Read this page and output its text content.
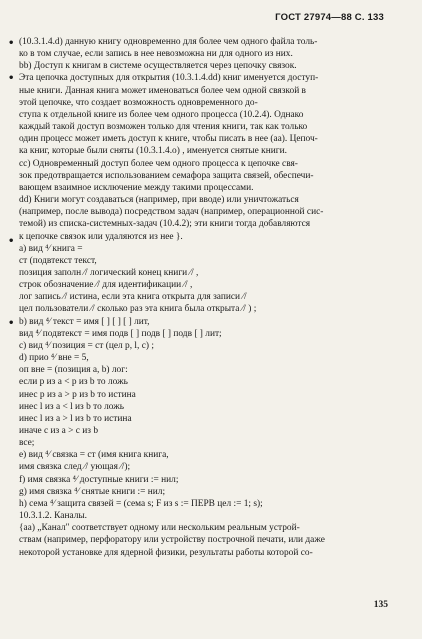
ГОСТ 27974—88 С. 133
•
•
•
•
(10.3.1.4.d) данную книгу одновременно для более чем одного файла толь-
ко в том случае, если запись в нее невозможна ни для одного из них.
bb) Доступ к книгам в системе осуществляется через цепочку связок.
Эта цепочка доступных для открытия (10.3.1.4.dd) книг именуется доступ-
ные книги. Данная книга может именоваться более чем одной связкой в
этой цепочке, что создает возможность одновременного до-
ступа к отдельной книге из более чем одного процесса (10.2.4). Однако
каждый такой доступ возможен только для чтения книги, так как только
один процесс может иметь доступ к книге, чтобы писать в нее (aa). Цепоч-
ка книг, которые были сняты (10.3.1.4.o) , именуется снятые книги.
cc) Одновременный доступ более чем одного процесса к цепочке свя-
зок предотвращается использованием семафора защита связей, обеспечи-
вающем взаимное исключение между такими процессами.
dd) Книги могут создаваться (например, при вводе) или уничтожаться
(например, после вывода) посредством задач (например, операционной сис-
темой) из списка-системных-задач (10.4.2); эти книги тогда добавляются
к цепочке связок или удаляются из нее }.
a) вид ⁴⁄ книга =
ст (подвтекст текст,
позиция заполн ⁄/ логический конец книги ⁄/ ,
строк обозначение ⁄/ для идентификации ⁄/ ,
лог запись ⁄/ истина, если эта книга открыта для записи ⁄/
цел пользователи ⁄/ сколько раз эта книга была открыта ⁄/ ) ;
b) вид ⁴⁄ текст = имя [ ] [ ] [ ] лит,
вид ⁴⁄ подвтекст = имя подв [ ] подв [ ] подв [ ] лит;
c) вид ⁴⁄ позиция = ст (цел p, l, c) ;
d) прио ⁴⁄ вне = 5,
оп вне = (позиция a, b) лог:
если p из a < p из b то ложь
инес p из a > p из b то истина
инес l из a < l из b то ложь
инес l из a > l из b то истина
иначе c из a > c из b
все;
e) вид ⁴⁄ связка = ст (имя книга книга,
имя связка след ⁄/ ующая ⁄/);
f) имя связка ⁴⁄ доступные книги := нил;
g) имя связка ⁴⁄ снятые книги := нил;
h) сема ⁴⁄ защита связей = (сема s; F из s := ПЕРВ цел := 1; s);
10.3.1.2. Каналы.
{aa) „Канал" соответствует одному или нескольким реальным устрой-
ствам (например, перфоратору или устройству построчной печати, или даже
некоторой установке для ядерной физики, результаты работы которой со-
135
